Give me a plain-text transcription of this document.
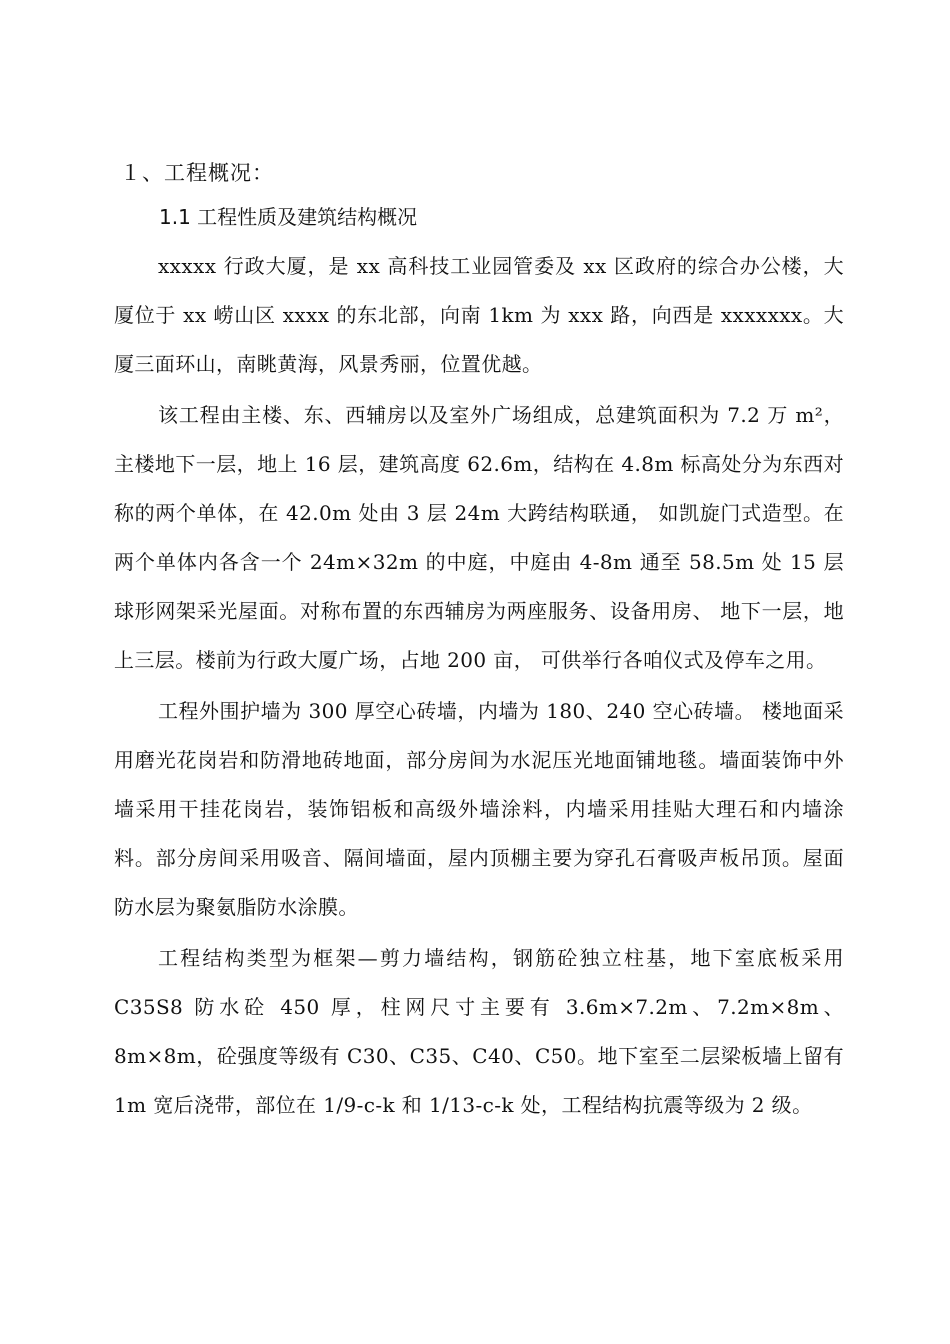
１、工程概况：
1.1 工程性质及建筑结构概况

xxxxx 行政大厦，是 xx 高科技工业园管委及 xx 区政府的综合办公楼，大厦位于 xx 崂山区 xxxx 的东北部，向南 1km 为 xxx 路，向西是 xxxxxxx。大厦三面环山，南眺黄海，风景秀丽，位置优越。

该工程由主楼、东、西辅房以及室外广场组成，总建筑面积为 7.2 万 m²，主楼地下一层，地上 16 层，建筑高度 62.6m，结构在 4.8m 标高处分为东西对称的两个单体，在 42.0m 处由 3 层 24m 大跨结构联通， 如凯旋门式造型。在两个单体内各含一个 24m×32m 的中庭，中庭由 4-8m 通至 58.5m 处 15 层球形网架采光屋面。对称布置的东西辅房为两座服务、设备用房、 地下一层，地上三层。楼前为行政大厦广场，占地 200 亩， 可供举行各咱仪式及停车之用。

工程外围护墙为 300 厚空心砖墙，内墙为 180、240 空心砖墙。 楼地面采用磨光花岗岩和防滑地砖地面，部分房间为水泥压光地面铺地毯。墙面装饰中外墙采用干挂花岗岩，装饰铝板和高级外墙涂料，内墙采用挂贴大理石和内墙涂料。部分房间采用吸音、隔间墙面，屋内顶棚主要为穿孔石膏吸声板吊顶。屋面防水层为聚氨脂防水涂膜。

工程结构类型为框架—剪力墙结构，钢筋砼独立柱基，地下室底板采用 C35S8 防水砼 450 厚，柱网尺寸主要有 3.6m×7.2m、7.2m×8m、 8m×8m，砼强度等级有 C30、C35、C40、C50。地下室至二层梁板墙上留有 1m 宽后浇带，部位在 1/9-c-k 和 1/13-c-k 处，工程结构抗震等级为 2 级。
